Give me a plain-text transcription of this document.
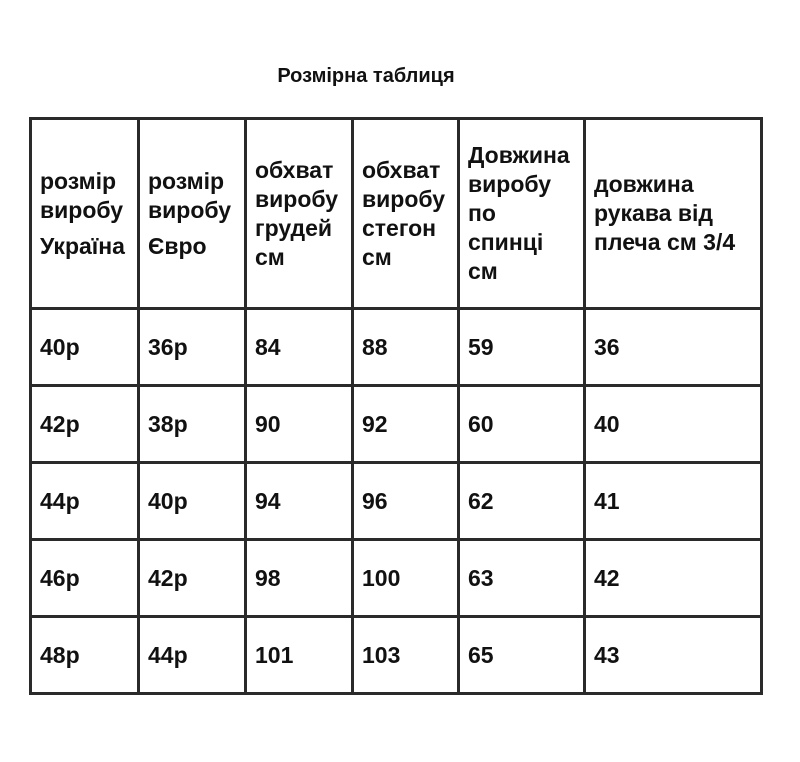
Розмірна таблиця
розмір
виробу
Україна	розмір
виробу
Євро	обхват
виробу
грудей
см	обхват
виробу
стегон
см	Довжина
виробу
по
спинці
см	довжина
рукава від
плеча см 3/4

40р	36р	84	88	59	36
42р	38р	90	92	60	40
44р	40р	94	96	62	41
46р	42р	98	100	63	42
48р	44р	101	103	65	43
